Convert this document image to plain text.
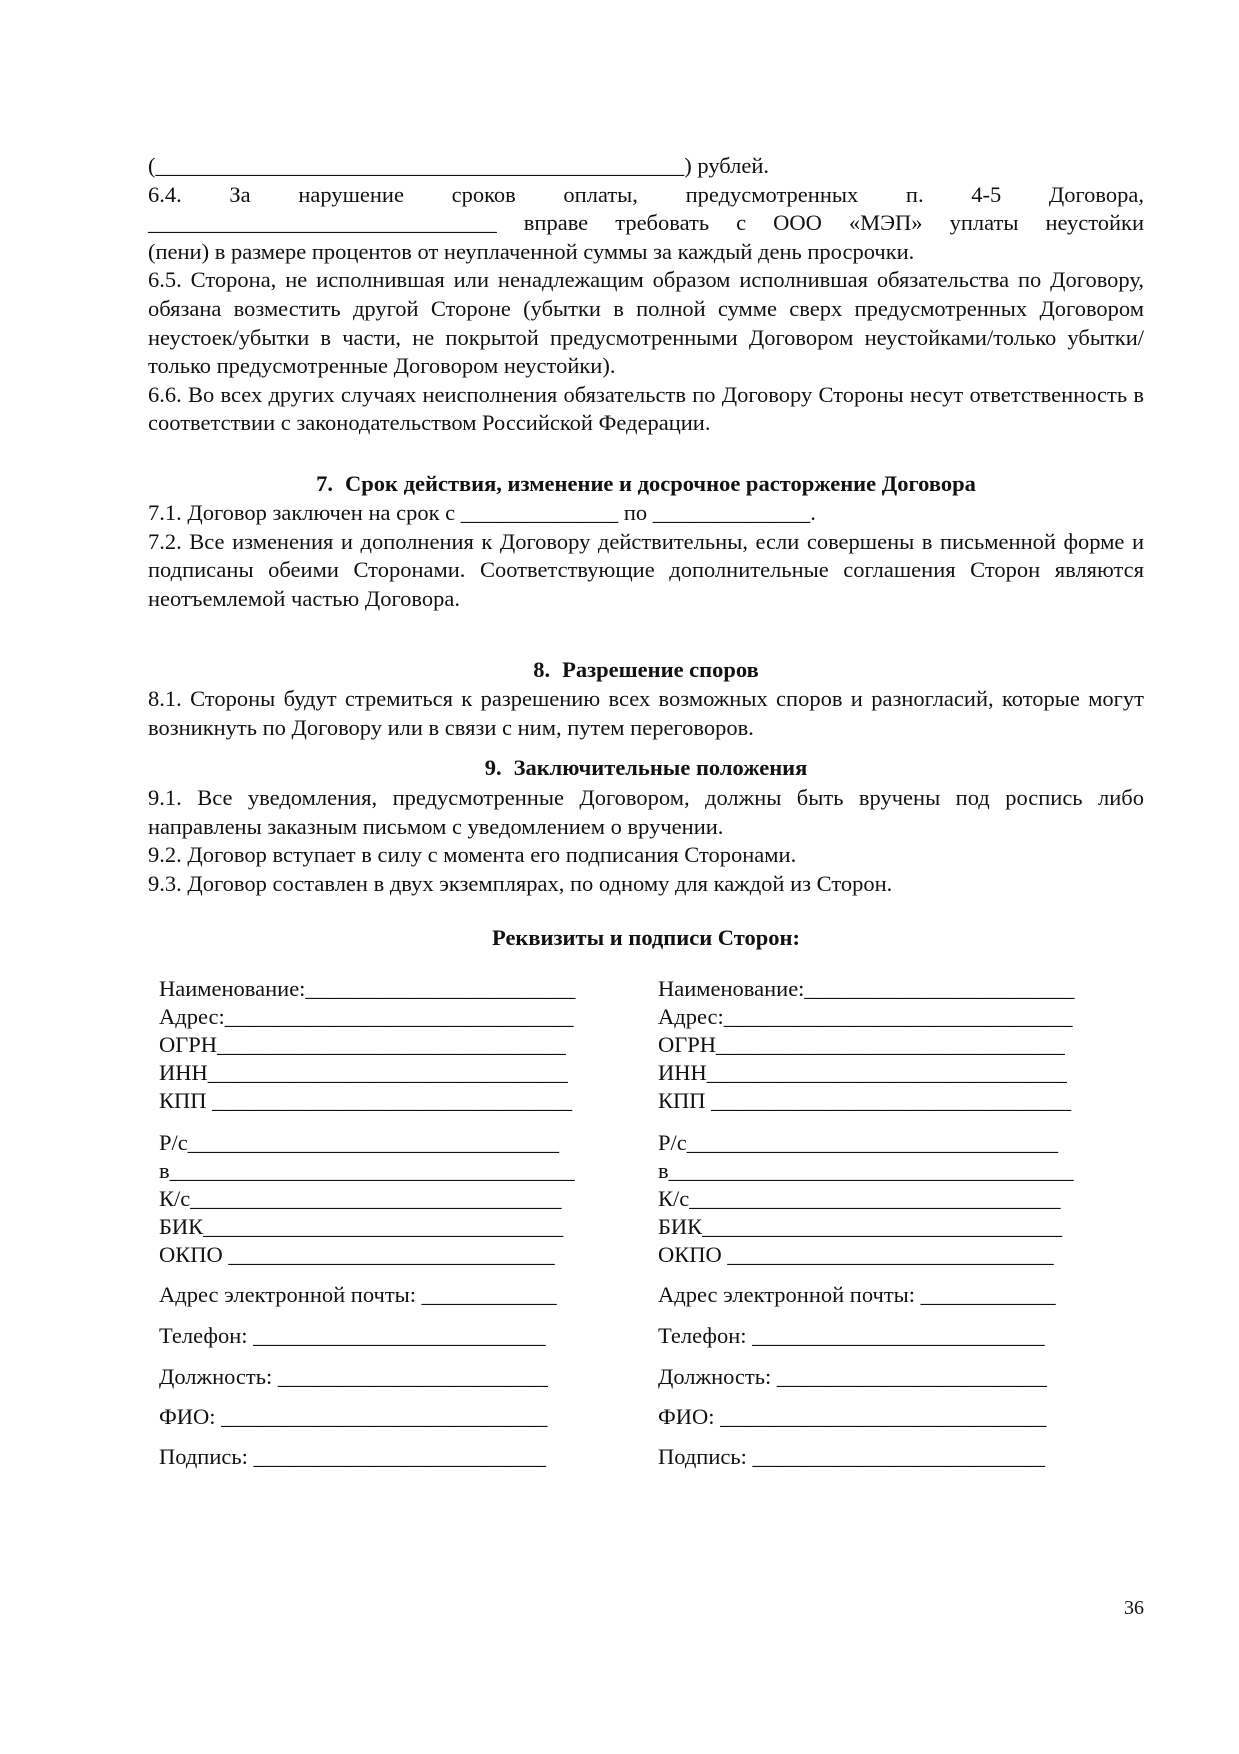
(_______________________________________________) рублей.

6.4. За нарушение сроков оплаты, предусмотренных п. 4-5 Договора,

_______________________________ вправе требовать с ООО «МЭП» уплаты неустойки

(пени) в размере процентов от неуплаченной суммы за каждый день просрочки.

6.5. Сторона, не исполнившая или ненадлежащим образом исполнившая обязательства по Договору, обязана возместить другой Стороне (убытки в полной сумме сверх предусмотренных Договором неустоек/убытки в части, не покрытой предусмотренными Договором неустойками/только убытки/только предусмотренные Договором неустойки).

6.6. Во всех других случаях неисполнения обязательств по Договору Стороны несут ответственность в соответствии с законодательством Российской Федерации.

7. Срок действия, изменение и досрочное расторжение Договора

7.1. Договор заключен на срок с ______________ по ______________.

7.2. Все изменения и дополнения к Договору действительны, если совершены в письменной форме и подписаны обеими Сторонами. Соответствующие дополнительные соглашения Сторон являются неотъемлемой частью Договора.

8. Разрешение споров

8.1. Стороны будут стремиться к разрешению всех возможных споров и разногласий, которые могут возникнуть по Договору или в связи с ним, путем переговоров.

9. Заключительные положения

9.1. Все уведомления, предусмотренные Договором, должны быть вручены под роспись либо направлены заказным письмом с уведомлением о вручении.

9.2. Договор вступает в силу с момента его подписания Сторонами.

9.3. Договор составлен в двух экземплярах, по одному для каждой из Сторон.

Реквизиты и подписи Сторон:
Наименование:________________________
Адрес:_______________________________
ОГРН_______________________________
ИНН________________________________
КПП ________________________________
Р/с_________________________________
в____________________________________
К/с_________________________________
БИК________________________________
ОКПО _____________________________
Адрес электронной почты: ____________
Телефон: __________________________
Должность: ________________________
ФИО: _____________________________
Подпись: __________________________
Наименование:________________________
Адрес:_______________________________
ОГРН_______________________________
ИНН________________________________
КПП ________________________________
Р/с_________________________________
в____________________________________
К/с_________________________________
БИК________________________________
ОКПО _____________________________
Адрес электронной почты: ____________
Телефон: __________________________
Должность: ________________________
ФИО: _____________________________
Подпись: __________________________
36
